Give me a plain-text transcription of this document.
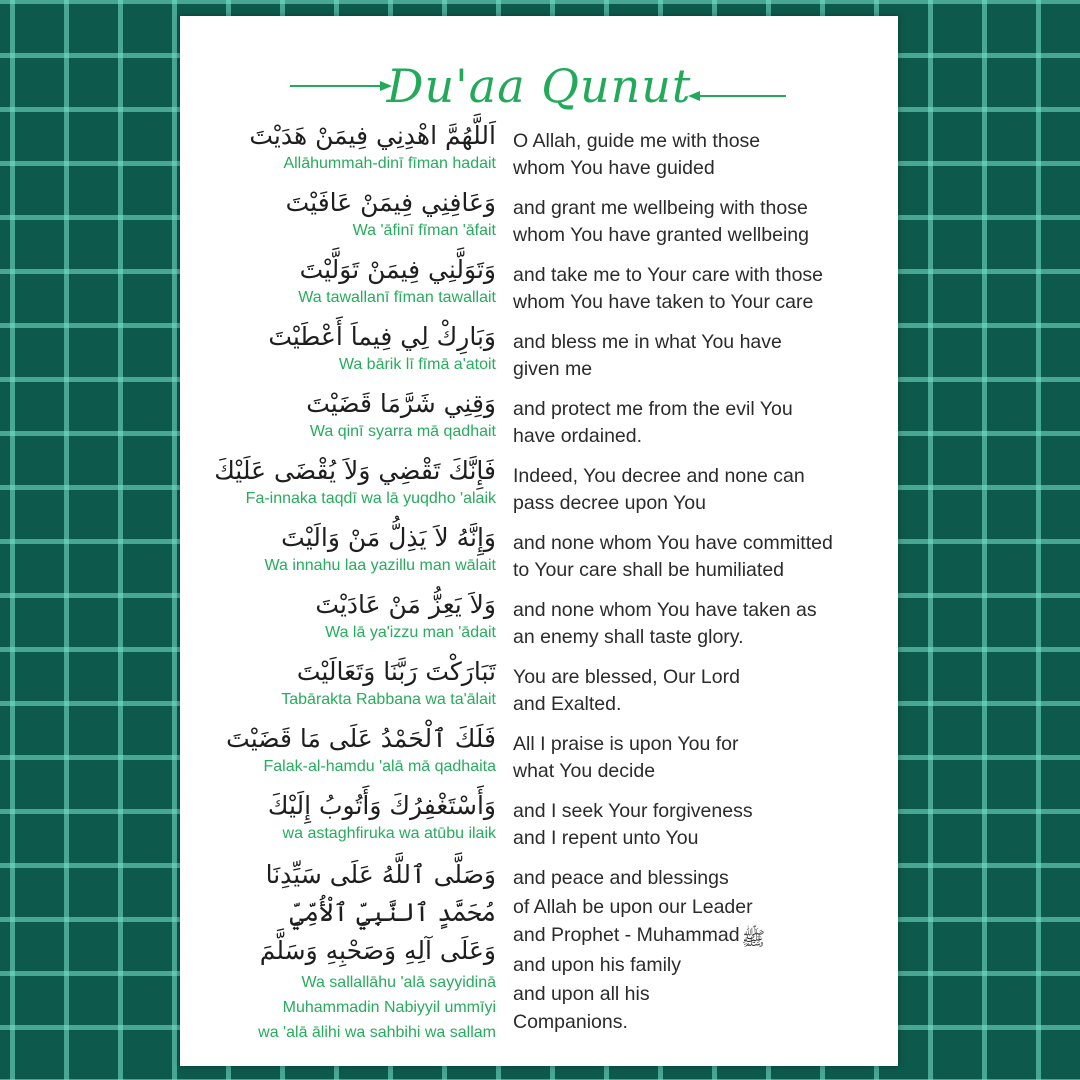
Du'aa Qunut
اَللَّهُمَّ اهْدِنِي فِيمَنْ هَدَيْتَ
Allāhummah-dinī fīman hadait
O Allah, guide me with those
whom You have guided
وَعَافِنِي فِيمَنْ عَافَيْتَ
Wa 'āfinī fīman 'āfait
and grant me wellbeing with those
whom You have granted wellbeing
وَتَوَلَّنِي فِيمَنْ تَوَلَّيْتَ
Wa tawallanī fīman tawallait
and take me to Your care with those
whom You have taken to Your care
وَبَارِكْ لِي فِيماَ أَعْطَيْتَ
Wa bārik lī fīmā a'atoit
and bless me in what You have
given me
وَقِنِي شَرَّمَا قَضَيْتَ
Wa qinī syarra mā qadhait
and protect me from the evil You
have ordained.
فَإِنَّكَ تَقْضِي وَلاَ يُقْضَى عَلَيْكَ
Fa-innaka taqdī wa lā yuqdho 'alaik
Indeed, You decree and none can
pass decree upon You
وَإِنَّهُ لاَ يَذِلُّ مَنْ وَالَيْتَ
Wa innahu laa yazillu man wālait
and none whom You have committed
to Your care shall be humiliated
وَلاَ يَعِزُّ مَنْ عَادَيْتَ
Wa lā ya'izzu man 'ādait
and none whom You have taken as
an enemy shall taste glory.
تَبَارَكْتَ رَبَّنَا وَتَعَالَيْتَ
Tabārakta Rabbana wa ta'ālait
You are blessed, Our Lord
and Exalted.
فَلَكَ ٱلْحَمْدُ عَلَى مَا قَضَيْتَ
Falak-al-hamdu 'alā mā qadhaita
All I praise is upon You for
what You decide
وَأَسْتَغْفِرُكَ وَأَتُوبُ إِلَيْكَ
wa astaghfiruka wa atūbu ilaik
and I seek Your forgiveness
and I repent unto You
وَصَلَّى ٱللَّهُ عَلَى سَيِّدِنَا
مُحَمَّدٍ ٱلنَّبِيِّ ٱلْأُمِّيِّ
وَعَلَى آلِهِ وَصَحْبِهِ وَسَلَّمَ
Wa sallallāhu 'alā sayyidinā
Muhammadin Nabiyyil ummīyi
wa 'alā ālihi wa sahbihi wa sallam
and peace and blessings
of Allah be upon our Leader
and Prophet - Muhammad ﷺ
and upon his family
and upon all his
Companions.
